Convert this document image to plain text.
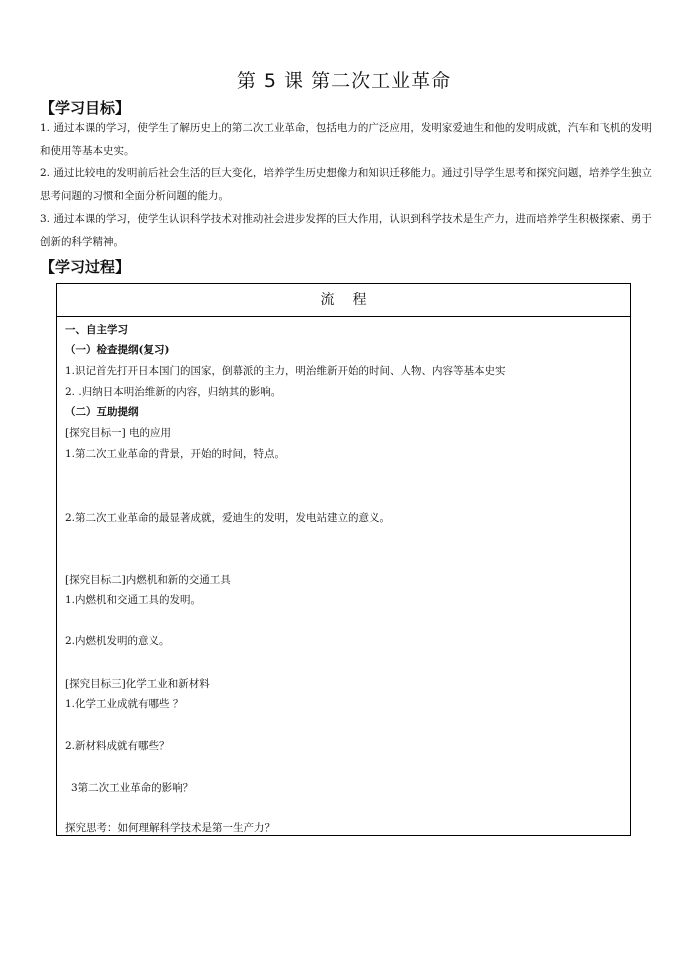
第 5 课 第二次工业革命
【学习目标】
1. 通过本课的学习，使学生了解历史上的第二次工业革命，包括电力的广泛应用，发明家爱迪生和他的发明成就，汽车和飞机的发明和使用等基本史实。
2. 通过比较电的发明前后社会生活的巨大变化，培养学生历史想像力和知识迁移能力。通过引导学生思考和探究问题，培养学生独立思考问题的习惯和全面分析问题的能力。
3. 通过本课的学习，使学生认识科学技术对推动社会进步发挥的巨大作用，认识到科学技术是生产力，进而培养学生积极探索、勇于创新的科学精神。
【学习过程】
流程
一、自主学习
（一）检查提纲(复习)
1.识记首先打开日本国门的国家，倒幕派的主力，明治维新开始的时间、人物、内容等基本史实
2. .归纳日本明治维新的内容，归纳其的影响。
（二）互助提纲
[探究目标一] 电的应用
1.第二次工业革命的背景，开始的时间，特点。
2.第二次工业革命的最显著成就，爱迪生的发明，发电站建立的意义。
[探究目标二]内燃机和新的交通工具
1.内燃机和交通工具的发明。
2.内燃机发明的意义。
[探究目标三]化学工业和新材料
1.化学工业成就有哪些 ？
2.新材料成就有哪些？
3第二次工业革命的影响？
探究思考：如何理解科学技术是第一生产力？
